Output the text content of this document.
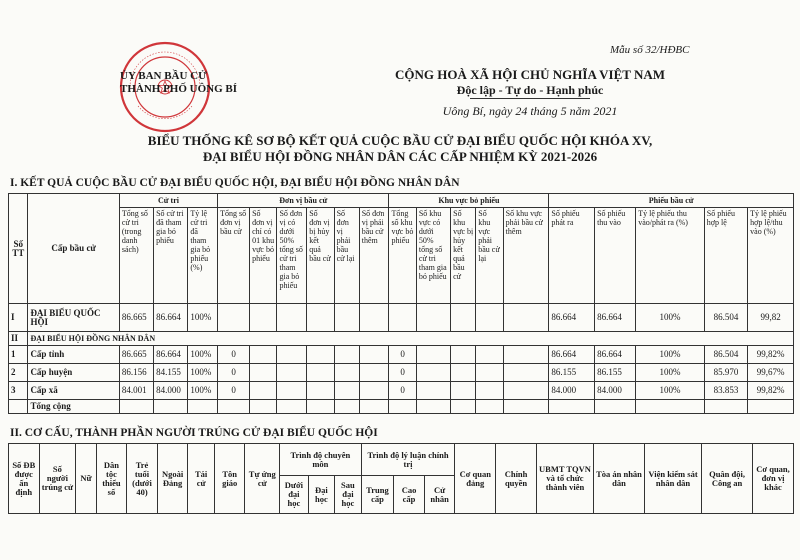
Mẫu số 32/HĐBC
ỦY BAN BẦU CỬ
THÀNH PHỐ UÔNG BÍ
CỘNG HOÀ XÃ HỘI CHỦ NGHĨA VIỆT NAM
Độc lập - Tự do - Hạnh phúc
Uông Bí, ngày 24 tháng 5 năm 2021
BIỂU THỐNG KÊ SƠ BỘ KẾT QUẢ CUỘC BẦU CỬ ĐẠI BIỂU QUỐC HỘI KHÓA XV,
ĐẠI BIỂU HỘI ĐỒNG NHÂN DÂN CÁC CẤP NHIỆM KỲ 2021-2026
I. KẾT QUẢ CUỘC BẦU CỬ ĐẠI BIỂU QUỐC HỘI, ĐẠI BIỂU HỘI ĐỒNG NHÂN DÂN
Số TT	Cấp bầu cử	Cử tri			Đơn vị bầu cử						Khu vực bỏ phiếu					Phiếu bầu cử				
		Tổng số cử tri (trong danh sách)	Số cử tri đã tham gia bỏ phiếu	Tỷ lệ cử tri đã tham gia bỏ phiếu (%)	Tổng số đơn vị bầu cử	Số đơn vị chỉ có 01 khu vực bỏ phiếu	Số đơn vị có dưới 50% tổng số cử tri tham gia bỏ phiếu	Số đơn vị bị hủy kết quả bầu cử	Số đơn vị phải bầu cử lại	Số đơn vị phải bầu cử thêm	Tổng số khu vực bỏ phiếu	Số khu vực có dưới 50% tổng số cử tri tham gia bỏ phiếu	Số khu vực bị hủy kết quả bầu cử	Số khu vực phải bầu cử lại	Số khu vực phải bầu cử thêm	Số phiếu phát ra	Số phiếu thu vào	Tỷ lệ phiếu thu vào/phát ra (%)	Số phiếu hợp lệ	Tỷ lệ phiếu hợp lệ/thu vào (%)
I	ĐẠI BIỂU QUỐC HỘI	86.665	86.664	100%												86.664	86.664	100%	86.504	99,82
II	ĐẠI BIỂU HỘI ĐỒNG NHÂN DÂN																			
1	Cấp tỉnh	86.665	86.664	100%	0						0					86.664	86.664	100%	86.504	99,82%
2	Cấp huyện	86.156	84.155	100%	0						0					86.155	86.155	100%	85.970	99,67%
3	Cấp xã	84.001	84.000	100%	0						0					84.000	84.000	100%	83.853	99,82%
	Tổng cộng																			
II. CƠ CẤU, THÀNH PHẦN NGƯỜI TRÚNG CỬ ĐẠI BIỂU QUỐC HỘI
Số ĐB được ấn định	Số người trúng cử	Nữ	Dân tộc thiểu số	Trẻ tuổi (dưới 40)	Ngoài Đảng	Tái cử	Tôn giáo	Tự ứng cử	Trình độ chuyên môn			Trình độ lý luận chính trị			Cơ quan đảng	Chính quyền	UBMT TQVN và tổ chức thành viên	Tòa án nhân dân	Viện kiểm sát nhân dân	Quân đội, Công an	Cơ quan, đơn vị khác
									Dưới đại học	Đại học	Sau đại học	Trung cấp	Cao cấp	Cử nhân							
